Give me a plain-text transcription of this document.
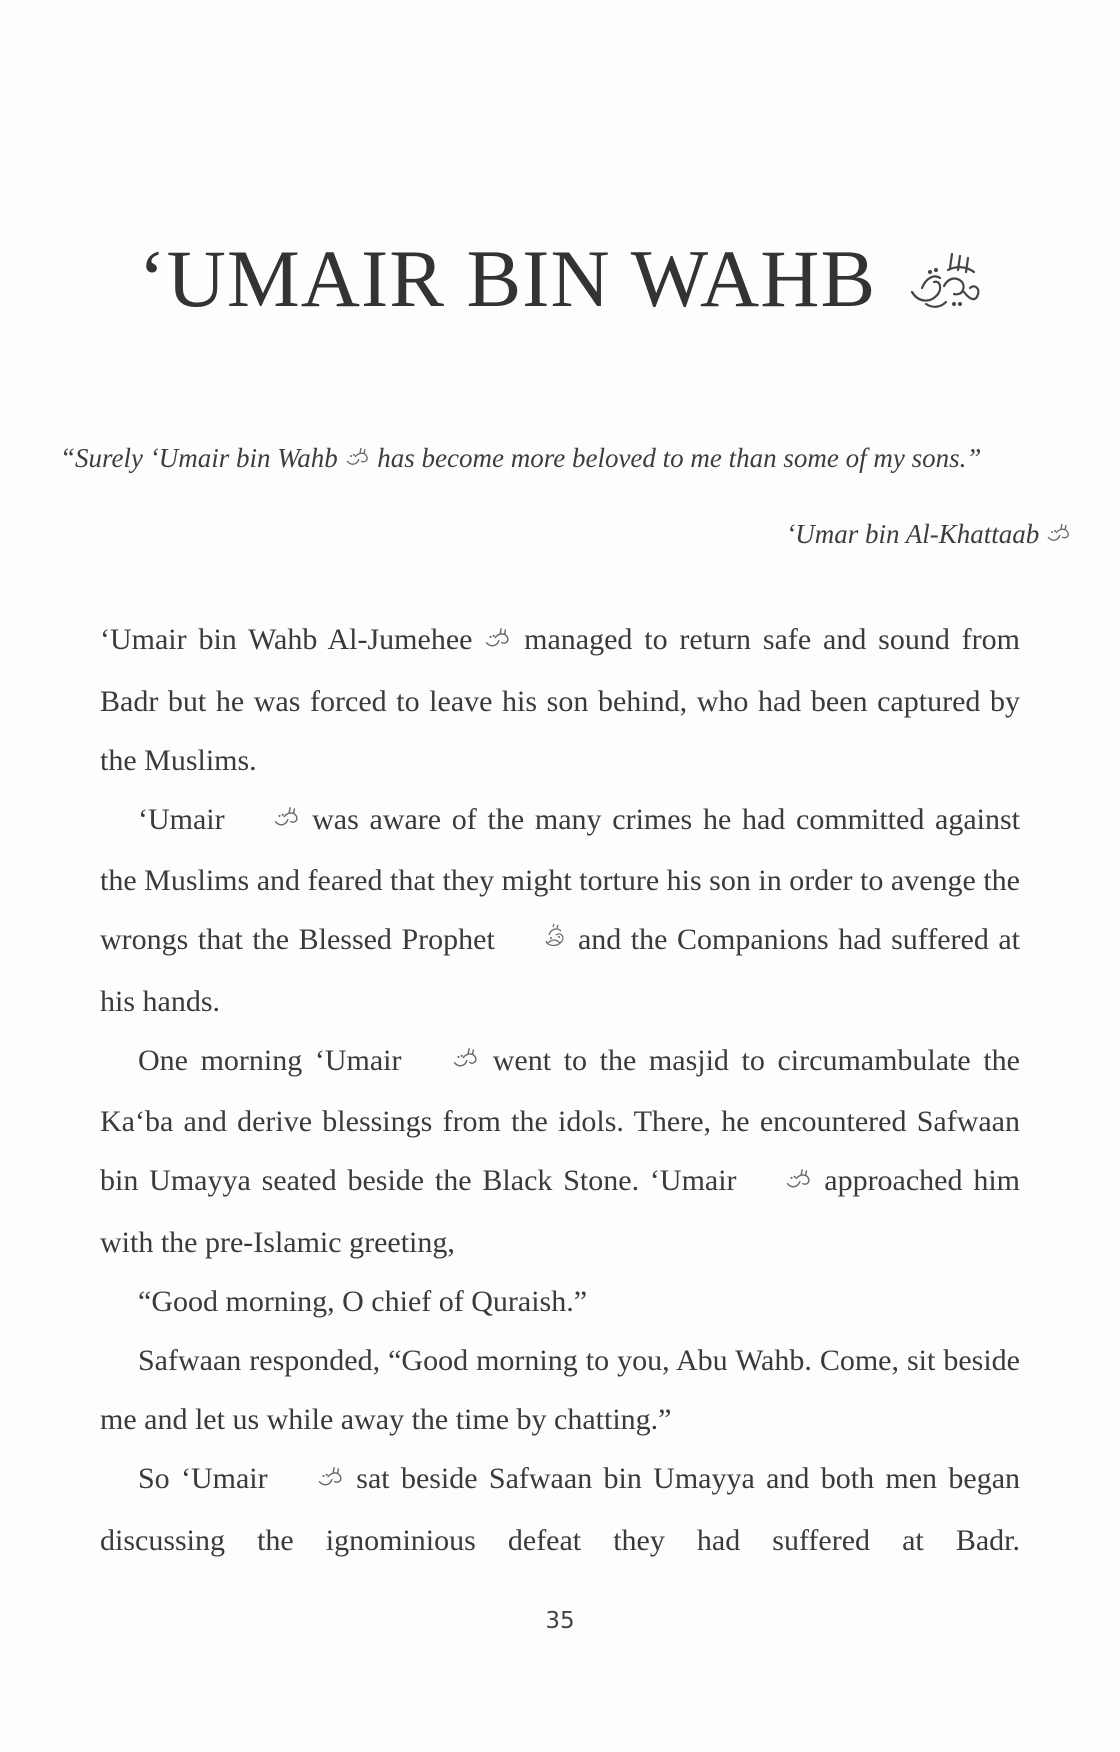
‘UMAIR BIN WAHB
“Surely ‘Umair bin Wahb has become more beloved to me than some of my sons.”
‘Umar bin Al-Khattaab

‘Umair bin Wahb Al-Jumehee managed to return safe and sound from Badr but he was forced to leave his son behind, who had been captured by the Muslims.

‘Umair	was aware of the many crimes he had committed against the Muslims and feared that they might torture his son in order to avenge the wrongs that the Blessed Prophet	and the Companions had suffered at his hands.

One morning ‘Umair	went to the masjid to circumambulate the Ka‘ba and derive blessings from the idols. There, he encountered Safwaan bin Umayya seated beside the Black Stone. ‘Umair	approached him with the pre-Islamic greeting,

“Good morning, O chief of Quraish.”

Safwaan responded, “Good morning to you, Abu Wahb. Come, sit beside me and let us while away the time by chatting.”

So ‘Umair	sat beside Safwaan bin Umayya and both men began discussing the ignominious defeat they had suffered at Badr.

35
